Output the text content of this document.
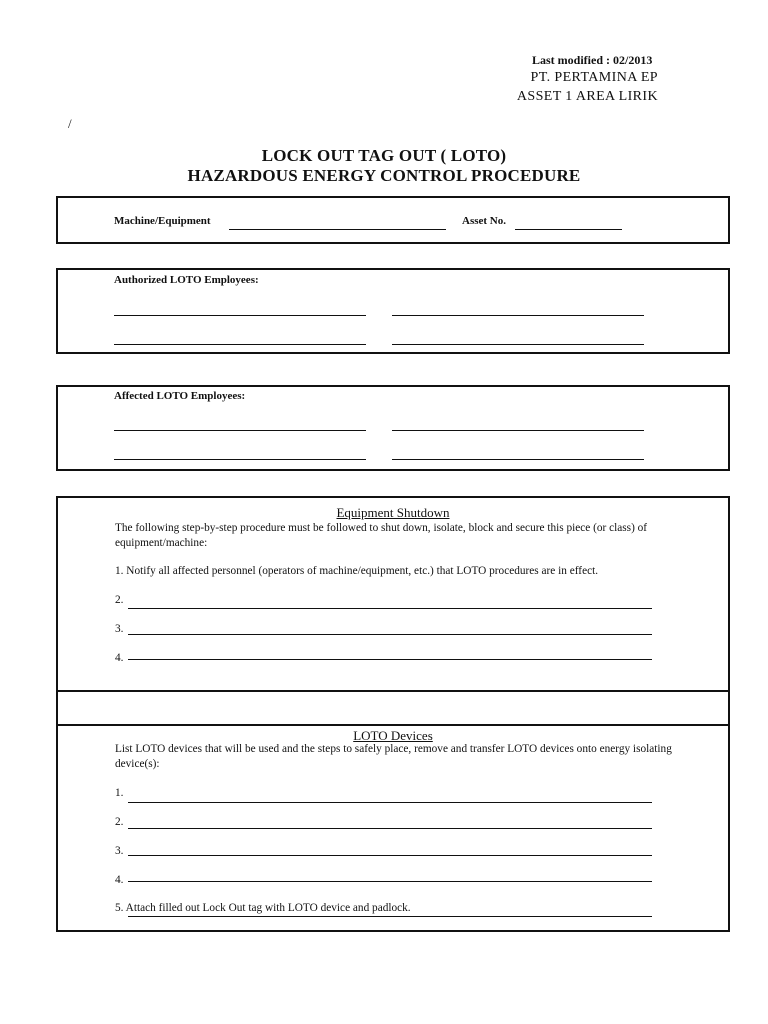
Last modified : 02/2013
PT. PERTAMINA EP
ASSET 1 AREA LIRIK
/
LOCK OUT TAG OUT ( LOTO)
HAZARDOUS ENERGY CONTROL PROCEDURE
Machine/Equipment	Asset No.
Authorized LOTO Employees:
Affected LOTO Employees:
Equipment Shutdown
The following step-by-step procedure must be followed to shut down, isolate, block and secure this piece (or class) of equipment/machine:
1. Notify all affected personnel (operators of machine/equipment, etc.) that LOTO procedures are in effect.
2.
3.
4.
LOTO Devices
List LOTO devices that will be used and the steps to safely place, remove and transfer LOTO devices onto energy isolating device(s):
1.
2.
3.
4.
5. Attach filled out Lock Out tag with LOTO device and padlock.
